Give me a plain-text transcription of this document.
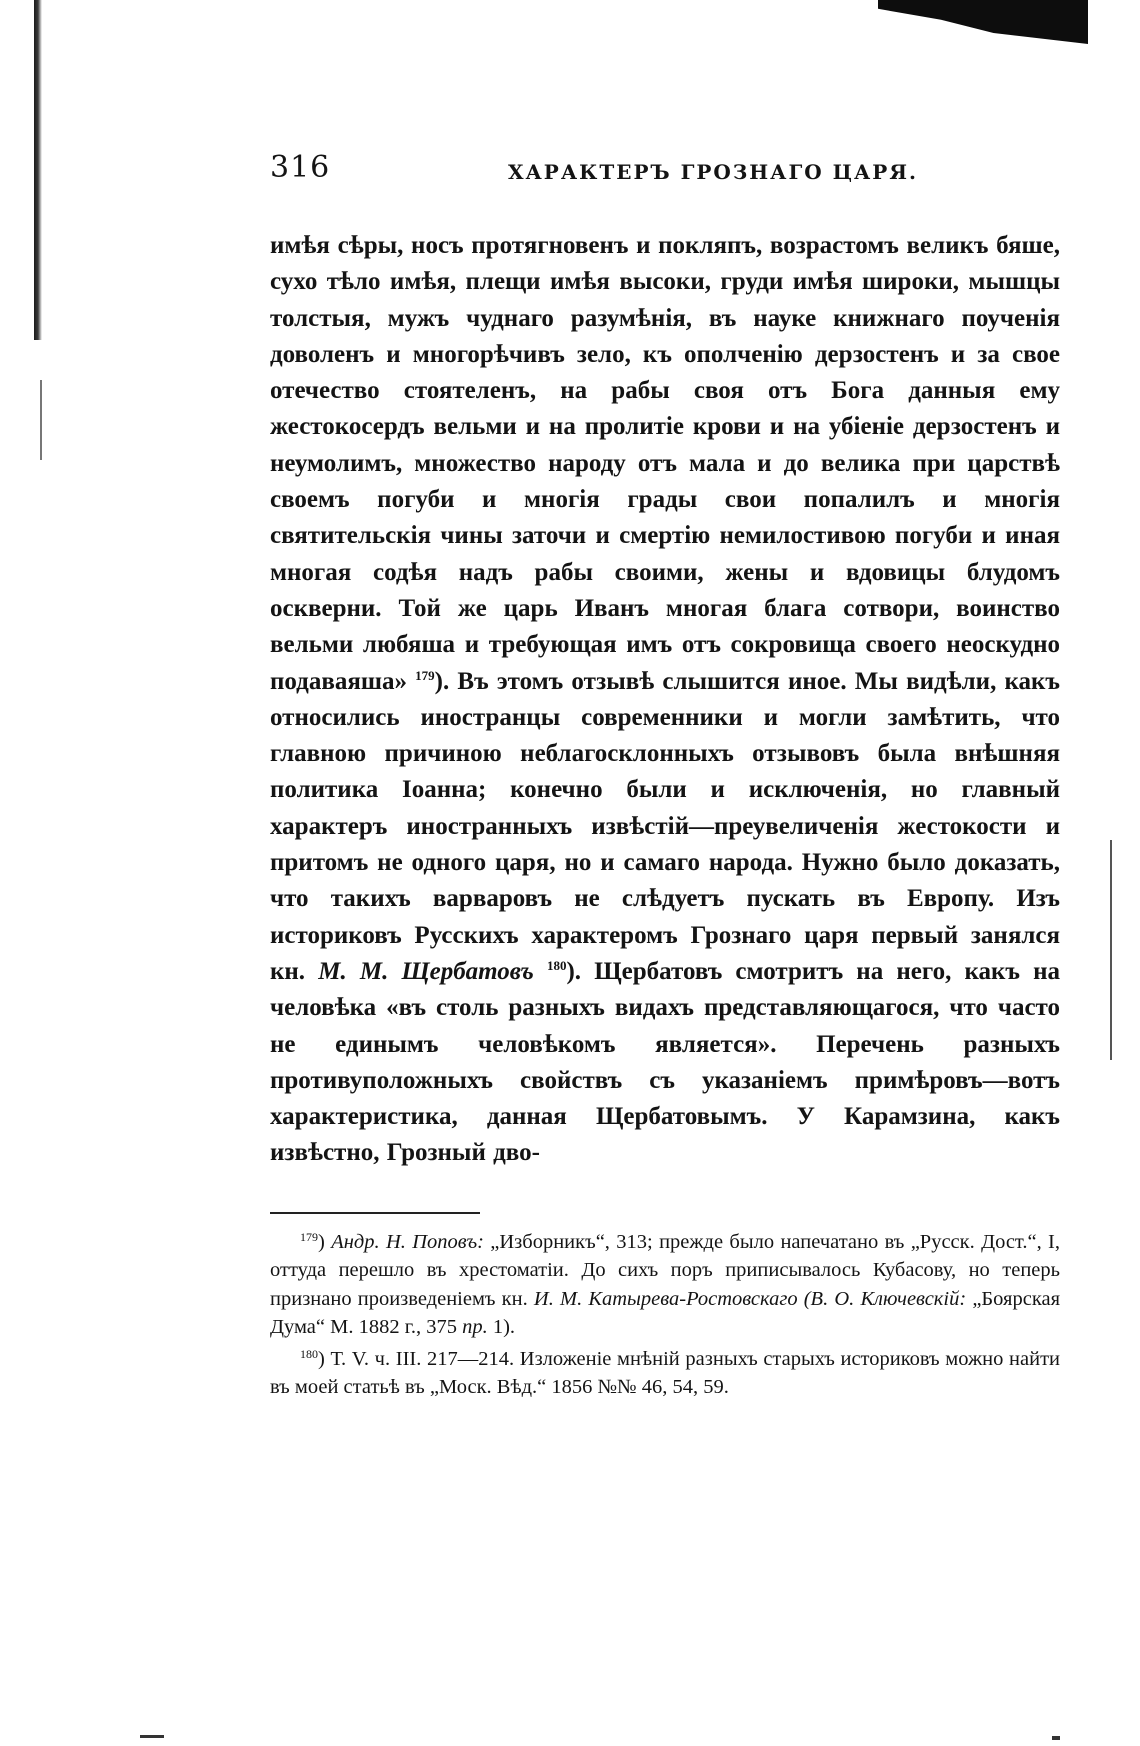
316	ХАРАКТЕРЪ ГРОЗНАГО ЦАРЯ.

имѣя сѣры, носъ протягновенъ и покляпъ, возрастомъ великъ бяше, сухо тѣло имѣя, плещи имѣя высоки, груди имѣя широки, мышцы толстыя, мужъ чуднаго разумѣнія, въ науке книжнаго поученія доволенъ и многорѣчивъ зело, къ ополченію дерзостенъ и за свое отечество стоятеленъ, на рабы своя отъ Бога данныя ему жестокосердъ вельми и на пролитіе крови и на убіеніе дерзостенъ и неумолимъ, множество народу отъ мала и до велика при царствѣ своемъ погуби и многія грады свои попалилъ и многія святительскія чины заточи и смертію немилостивою погуби и иная многая содѣя надъ рабы своими, жены и вдовицы блудомъ оскверни. Той же царь Иванъ многая блага сотвори, воинство вельми любяша и требующая имъ отъ сокровища своего неоскудно подаваяша» $^{179}$). Въ этомъ отзывѣ слышится иное. Мы видѣли, какъ относились иностранцы современники и могли замѣтить, что главною причиною неблагосклонныхъ отзывовъ была внѣшняя политика Іоанна; конечно были и исключенія, но главный характеръ иностранныхъ извѣстій—преувеличенія жестокости и притомъ не одного царя, но и самаго народа. Нужно было доказать, что такихъ варваровъ не слѣдуетъ пускать въ Европу. Изъ историковъ Русскихъ характеромъ Грознаго царя первый занялся кн. М. М. Щербатовъ $^{180}$). Щербатовъ смотритъ на него, какъ на человѣка «въ столь разныхъ видахъ представляющагося, что часто не единымъ человѣкомъ является». Перечень разныхъ противуположныхъ свойствъ съ указаніемъ примѣровъ—вотъ характеристика, данная Щербатовымъ. У Карамзина, какъ извѣстно, Грозный дво-

$^{179}$) Андр. Н. Поповъ: „Изборникъ“, 313; прежде было напечатано въ „Русск. Дост.“, I, оттуда перешло въ хрестоматіи. До сихъ поръ приписывалось Кубасову, но теперь признано произведеніемъ кн. И. М. Катырева-Ростовскаго (В. О. Ключевскій: „Боярская Дума“ М. 1882 г., 375 пр. 1).

$^{180}$) Т. V. ч. III. 217—214. Изложеніе мнѣній разныхъ старыхъ историковъ можно найти въ моей статьѣ въ „Моск. Вѣд.“ 1856 №№ 46, 54, 59.
